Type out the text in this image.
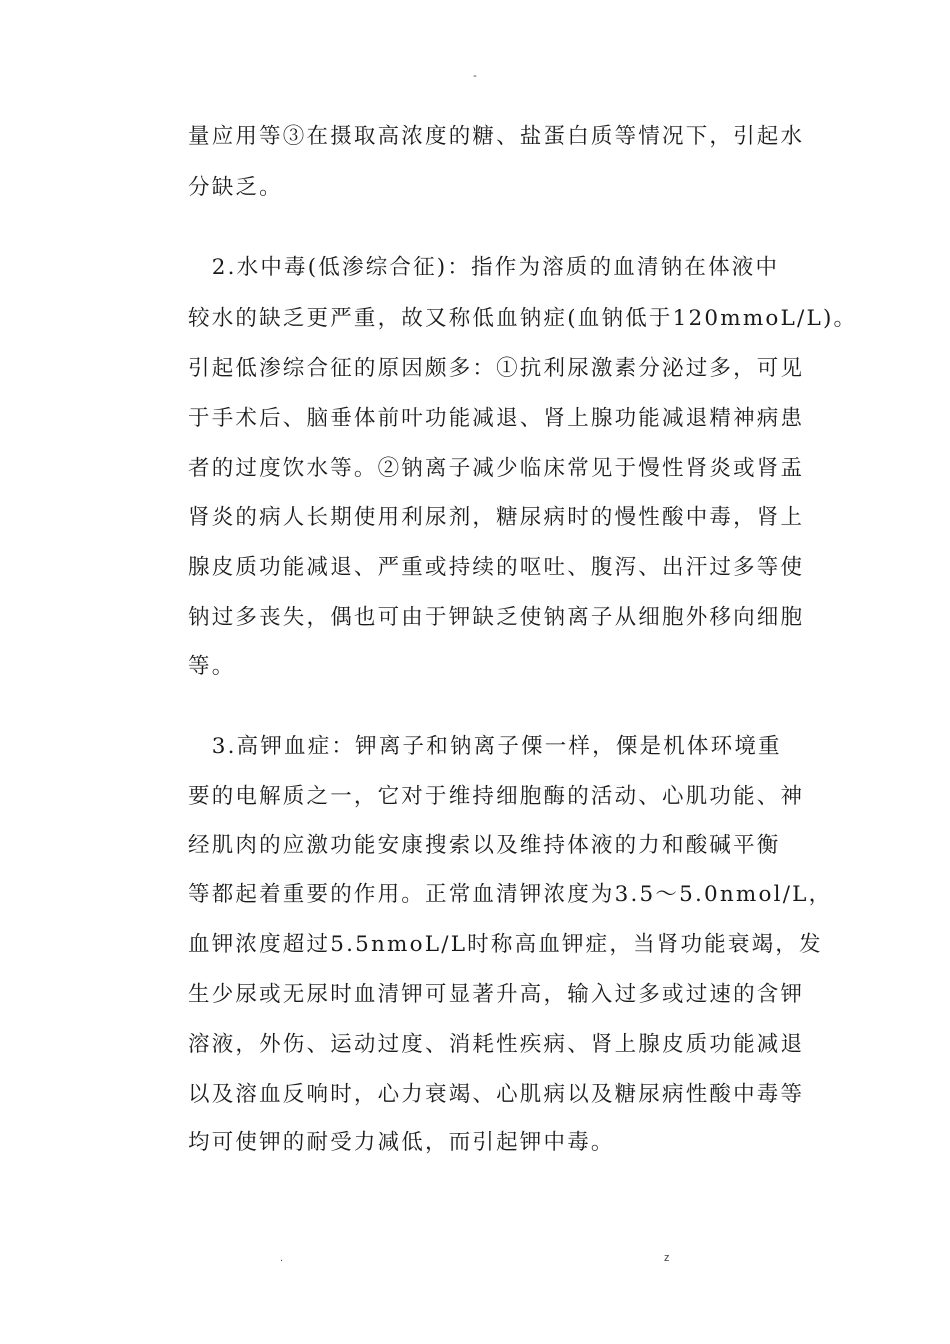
-
量应用等③在摄取高浓度的糖、盐蛋白质等情况下，引起水
分缺乏。
　2.水中毒(低渗综合征)：指作为溶质的血清钠在体液中
较水的缺乏更严重，故又称低血钠症(血钠低于120mmoL/L)。
引起低渗综合征的原因颇多：①抗利尿激素分泌过多，可见
于手术后、脑垂体前叶功能减退、肾上腺功能减退精神病患
者的过度饮水等。②钠离子减少临床常见于慢性肾炎或肾盂
肾炎的病人长期使用利尿剂，糖尿病时的慢性酸中毒，肾上
腺皮质功能减退、严重或持续的呕吐、腹泻、出汗过多等使
钠过多丧失，偶也可由于钾缺乏使钠离子从细胞外移向细胞
等。
　3.高钾血症：钾离子和钠离子傈一样，傈是机体环境重
要的电解质之一，它对于维持细胞酶的活动、心肌功能、神
经肌肉的应激功能安康搜索以及维持体液的力和酸碱平衡
等都起着重要的作用。正常血清钾浓度为3.5～5.0nmol/L，
血钾浓度超过5.5nmoL/L时称高血钾症，当肾功能衰竭，发
生少尿或无尿时血清钾可显著升高，输入过多或过速的含钾
溶液，外伤、运动过度、消耗性疾病、肾上腺皮质功能减退
以及溶血反响时，心力衰竭、心肌病以及糖尿病性酸中毒等
均可使钾的耐受力减低，而引起钾中毒。
.	z
